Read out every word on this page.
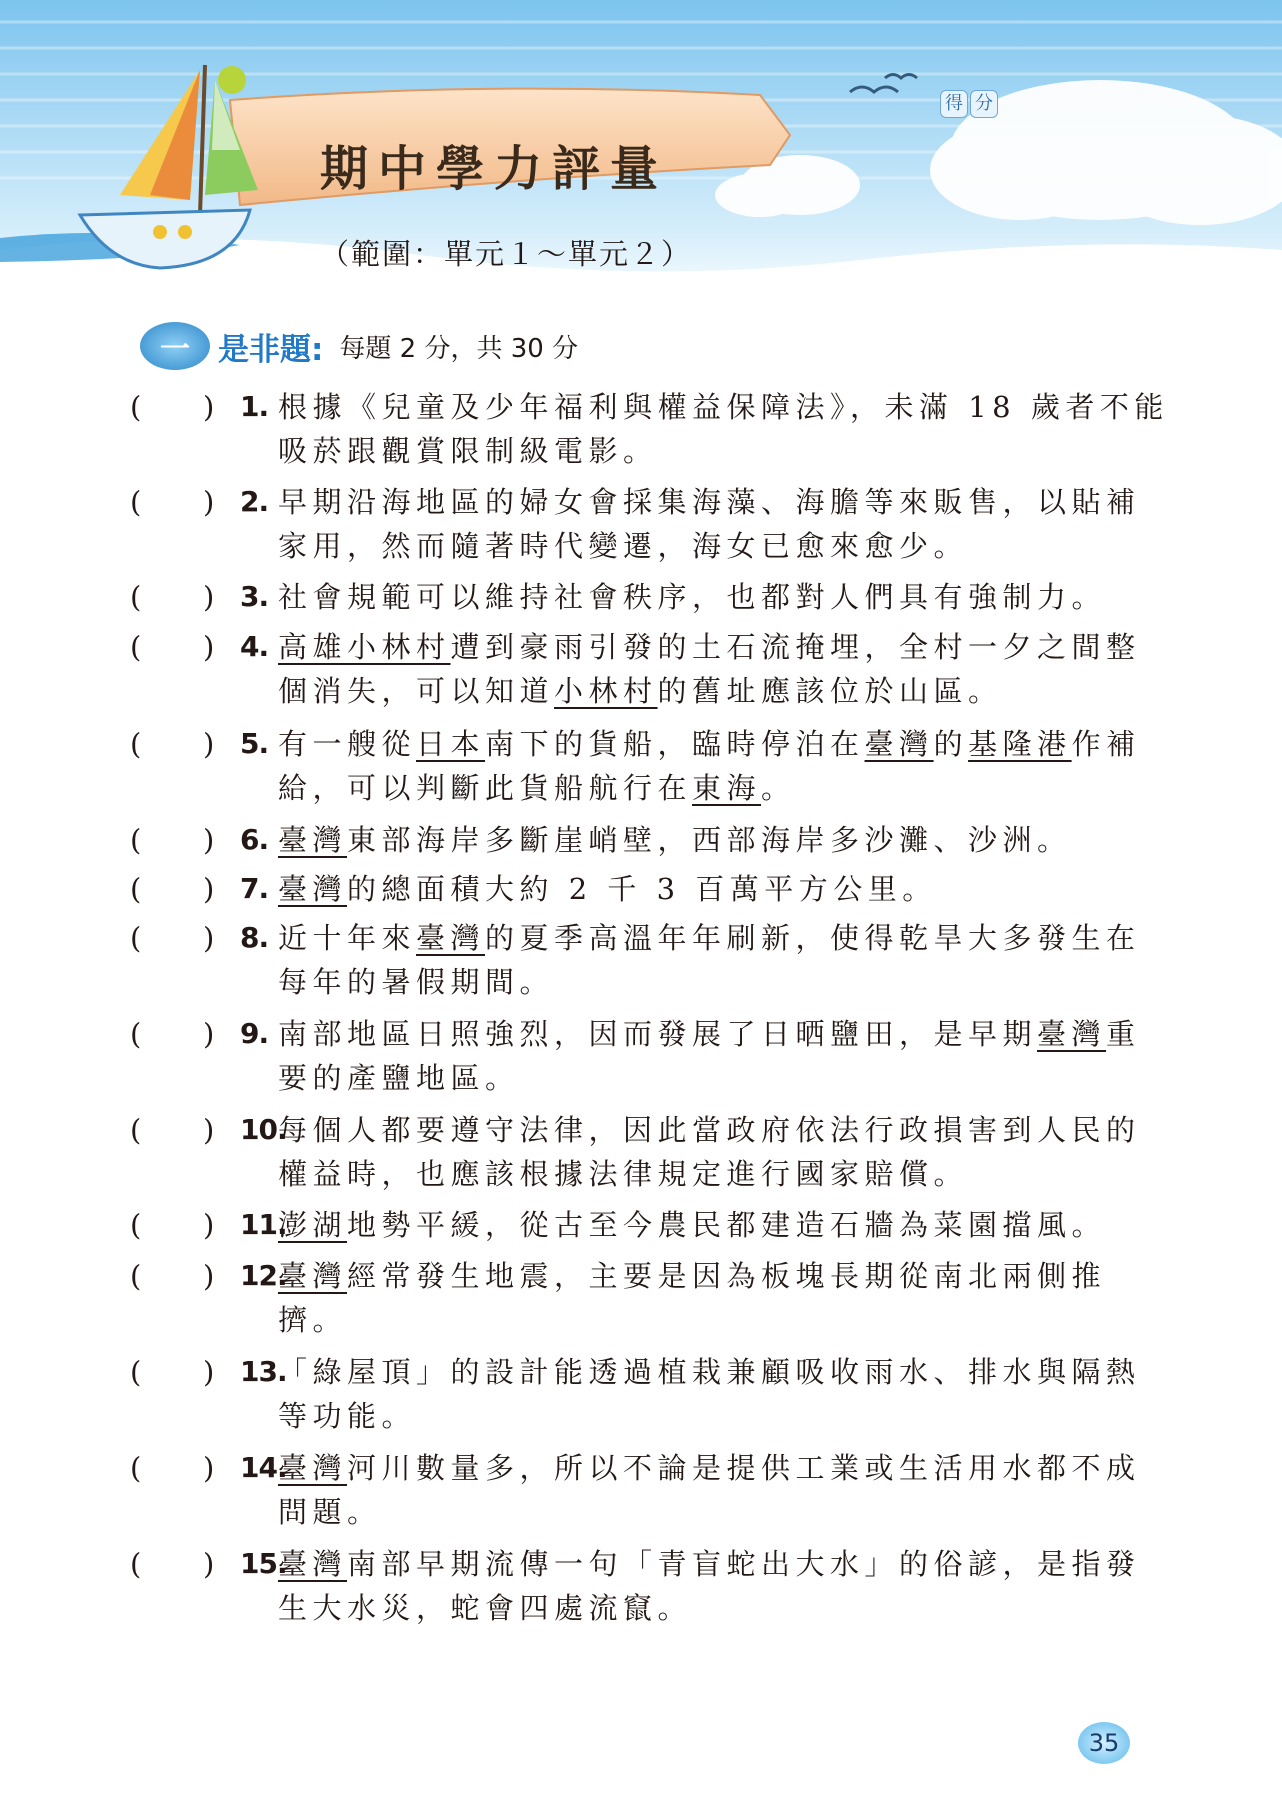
期中學力評量
（範圍：單元１～單元２）
得 分
一 是非題: 每題 2 分，共 30 分
( ) 1. 根據《兒童及少年福利與權益保障法》，未滿 18 歲者不能
吸菸跟觀賞限制級電影。
( ) 2. 早期沿海地區的婦女會採集海藻、海膽等來販售，以貼補
家用，然而隨著時代變遷，海女已愈來愈少。
( ) 3. 社會規範可以維持社會秩序，也都對人們具有強制力。
( ) 4. 高雄小林村遭到豪雨引發的土石流掩埋，全村一夕之間整
個消失，可以知道小林村的舊址應該位於山區。
( ) 5. 有一艘從日本南下的貨船，臨時停泊在臺灣的基隆港作補
給，可以判斷此貨船航行在東海。
( ) 6. 臺灣東部海岸多斷崖峭壁，西部海岸多沙灘、沙洲。
( ) 7. 臺灣的總面積大約 2 千 3 百萬平方公里。
( ) 8. 近十年來臺灣的夏季高溫年年刷新，使得乾旱大多發生在
每年的暑假期間。
( ) 9. 南部地區日照強烈，因而發展了日晒鹽田，是早期臺灣重
要的產鹽地區。
( ) 10.
每個人都要遵守法律，因此當政府依法行政損害到人民的
權益時，也應該根據法律規定進行國家賠償。
( ) 11.
澎湖地勢平緩，從古至今農民都建造石牆為菜園擋風。
( ) 12.
臺灣經常發生地震，主要是因為板塊長期從南北兩側推
擠。
( ) 13.
「綠屋頂」的設計能透過植栽兼顧吸收雨水、排水與隔熱
等功能。
( ) 14.
臺灣河川數量多，所以不論是提供工業或生活用水都不成
問題。
( ) 15.
臺灣南部早期流傳一句「青盲蛇出大水」的俗諺，是指發
生大水災，蛇會四處流竄。
35
